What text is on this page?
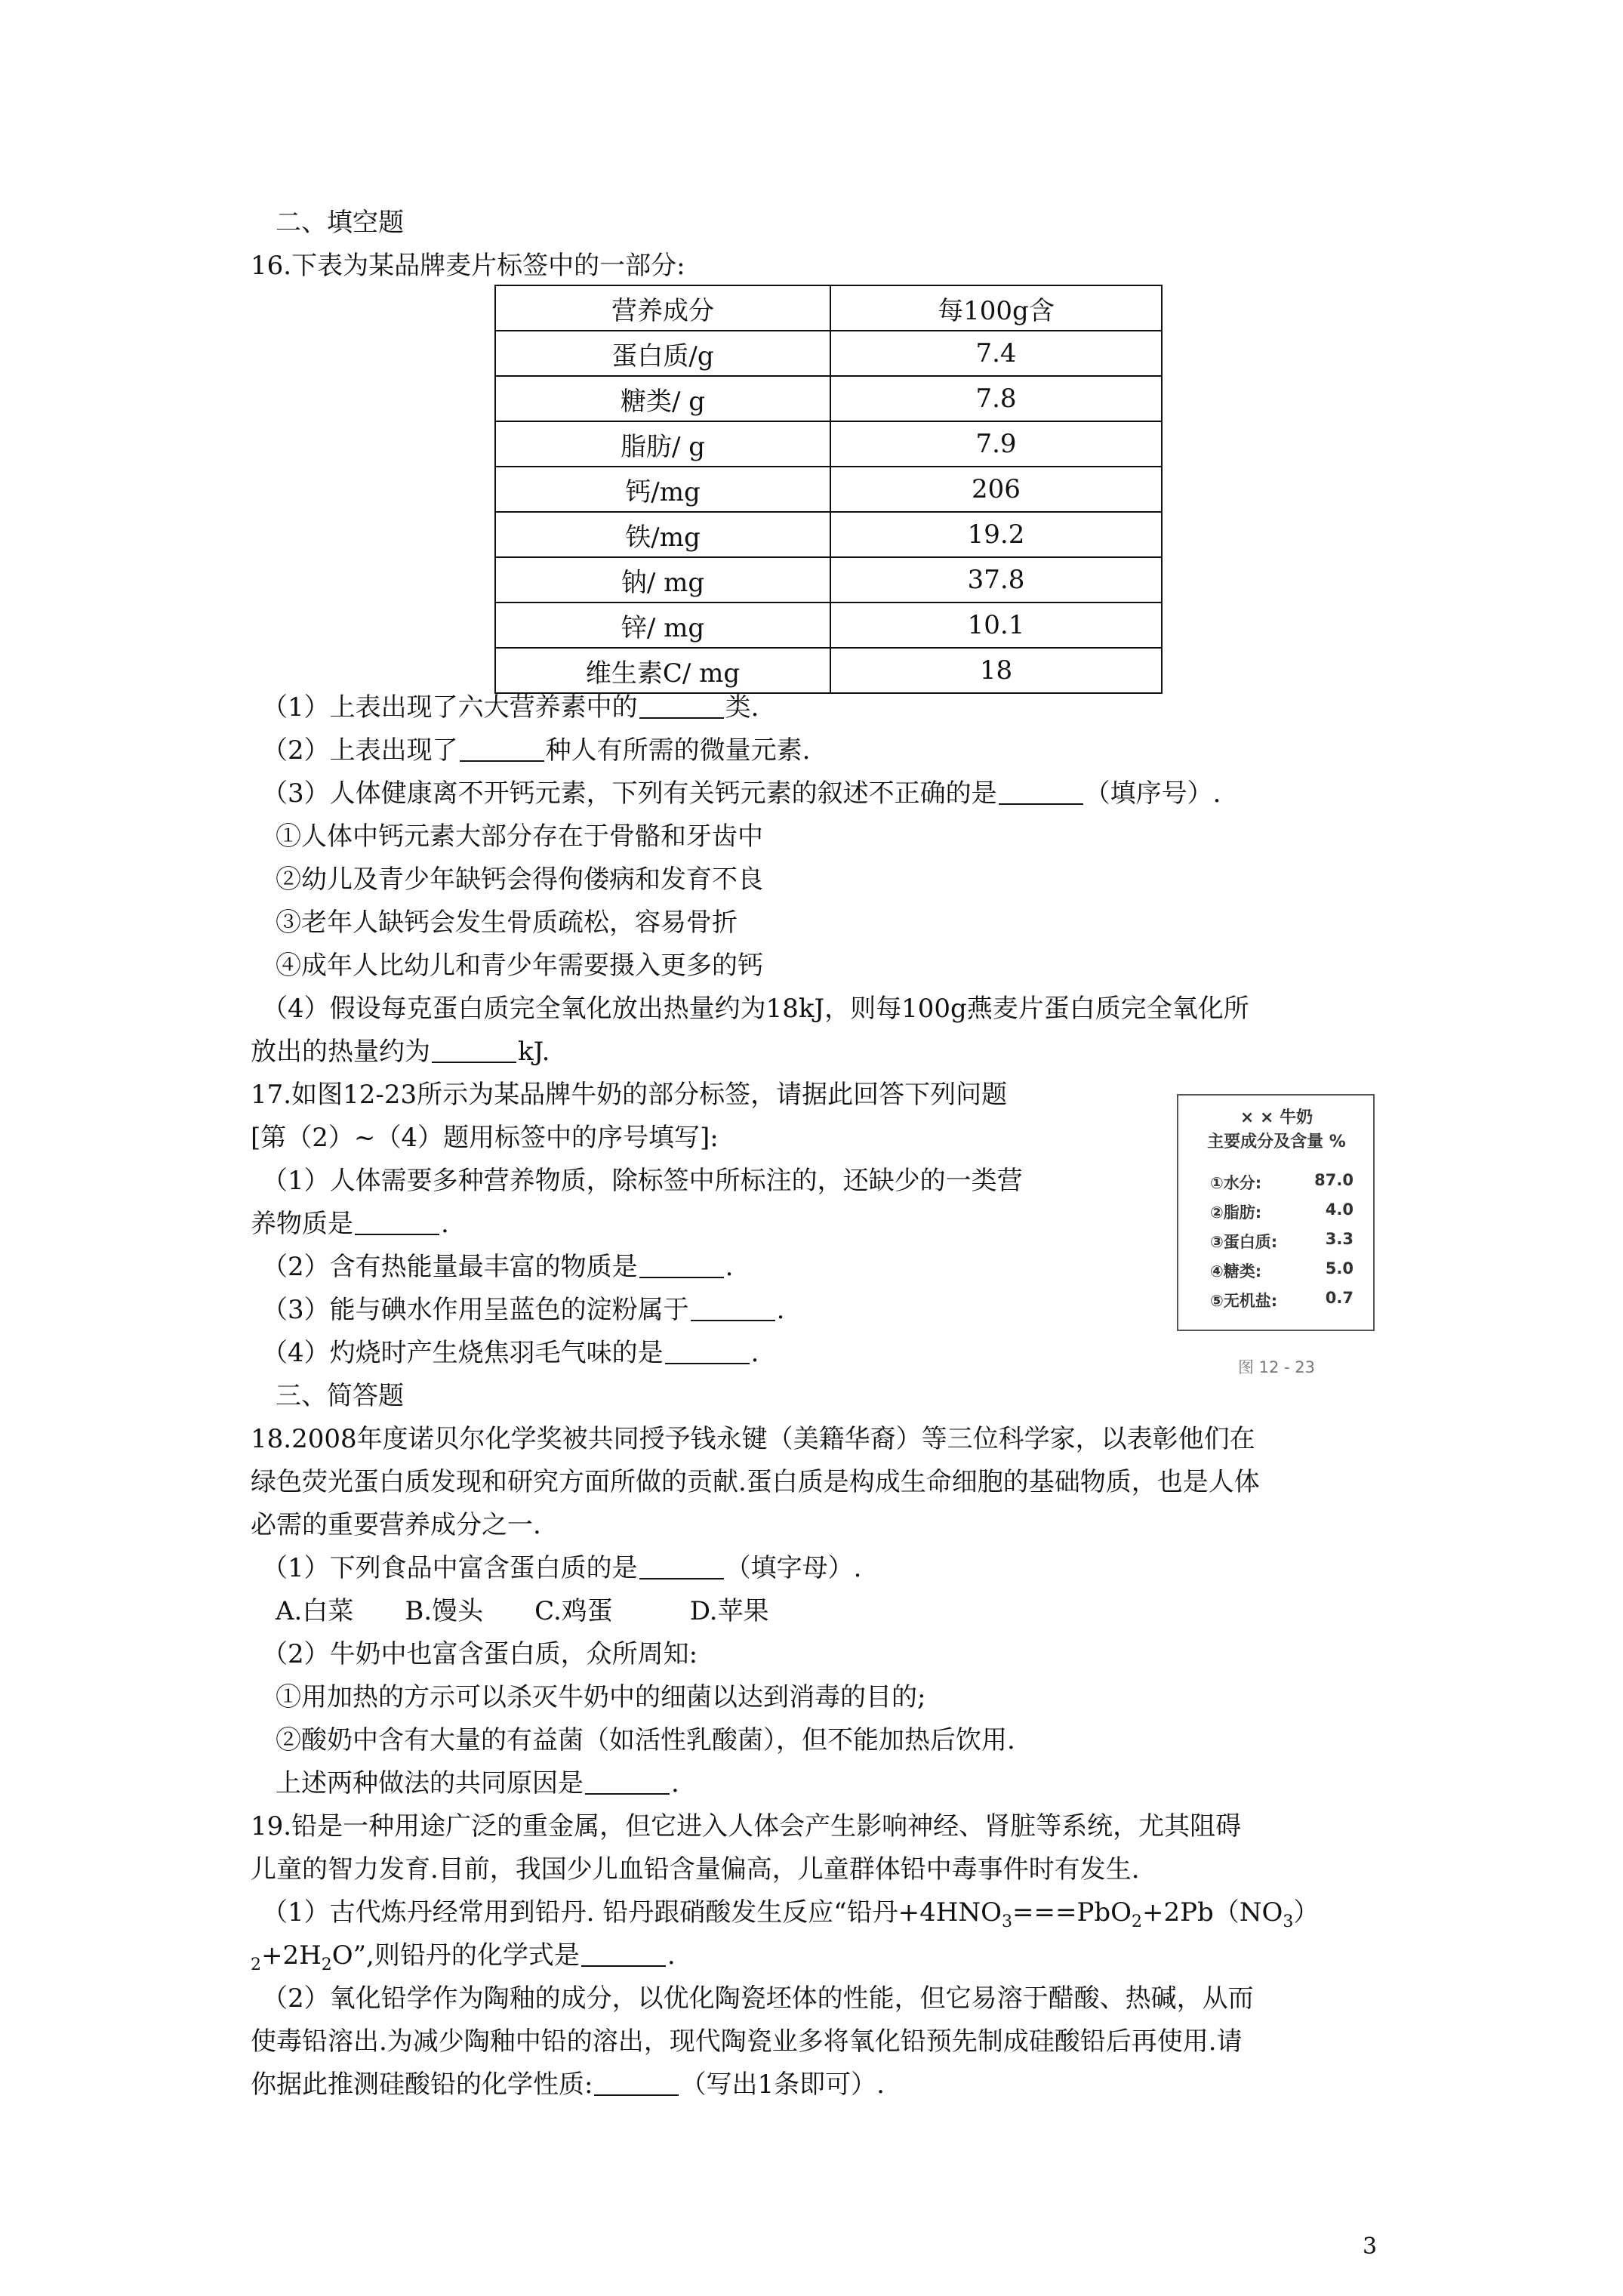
二、填空题
16.下表为某品牌麦片标签中的一部分:
营养成分	每100g含
蛋白质/g	7.4
糖类/ g	7.8
脂肪/ g	7.9
钙/mg	206
铁/mg	19.2
钠/ mg	37.8
锌/ mg	10.1
维生素C/ mg	18
（1）上表出现了六大营养素中的	类.
（2）上表出现了	种人有所需的微量元素.
（3）人体健康离不开钙元素，下列有关钙元素的叙述不正确的是	（填序号）.
①人体中钙元素大部分存在于骨骼和牙齿中
②幼儿及青少年缺钙会得佝偻病和发育不良
③老年人缺钙会发生骨质疏松，容易骨折
④成年人比幼儿和青少年需要摄入更多的钙
（4）假设每克蛋白质完全氧化放出热量约为18kJ，则每100g燕麦片蛋白质完全氧化所
放出的热量约为	kJ.
17.如图12-23所示为某品牌牛奶的部分标签，请据此回答下列问题
[第（2）~（4）题用标签中的序号填写]:
（1）人体需要多种营养物质，除标签中所标注的，还缺少的一类营
养物质是	.
（2）含有热能量最丰富的物质是	.
（3）能与碘水作用呈蓝色的淀粉属于	.
（4）灼烧时产生烧焦羽毛气味的是	.
× × 牛奶
主要成分及含量 %
①水分:	87.0
②脂肪:	4.0
③蛋白质:	3.3
④糖类:	5.0
⑤无机盐:	0.7
图 12 - 23
三、简答题
18.2008年度诺贝尔化学奖被共同授予钱永键（美籍华裔）等三位科学家，以表彰他们在
绿色荧光蛋白质发现和研究方面所做的贡献.蛋白质是构成生命细胞的基础物质，也是人体
必需的重要营养成分之一.
（1）下列食品中富含蛋白质的是	（填字母）.
A.白菜　　B.馒头　　C.鸡蛋　　　D.苹果
（2）牛奶中也富含蛋白质，众所周知:
①用加热的方示可以杀灭牛奶中的细菌以达到消毒的目的;
②酸奶中含有大量的有益菌（如活性乳酸菌），但不能加热后饮用.
上述两种做法的共同原因是	.
19.铅是一种用途广泛的重金属，但它进入人体会产生影响神经、肾脏等系统，尤其阻碍
儿童的智力发育.目前，我国少儿血铅含量偏高，儿童群体铅中毒事件时有发生.
（1）古代炼丹经常用到铅丹. 铅丹跟硝酸发生反应“铅丹$+4HNO_3===PbO_2+2Pb(NO_3)$
$_2+2H_2O$”,则铅丹的化学式是	.
（2）氧化铅学作为陶釉的成分，以优化陶瓷坯体的性能，但它易溶于醋酸、热碱，从而
使毒铅溶出.为减少陶釉中铅的溶出，现代陶瓷业多将氧化铅预先制成硅酸铅后再使用.请
你据此推测硅酸铅的化学性质:	（写出1条即可）.
3
